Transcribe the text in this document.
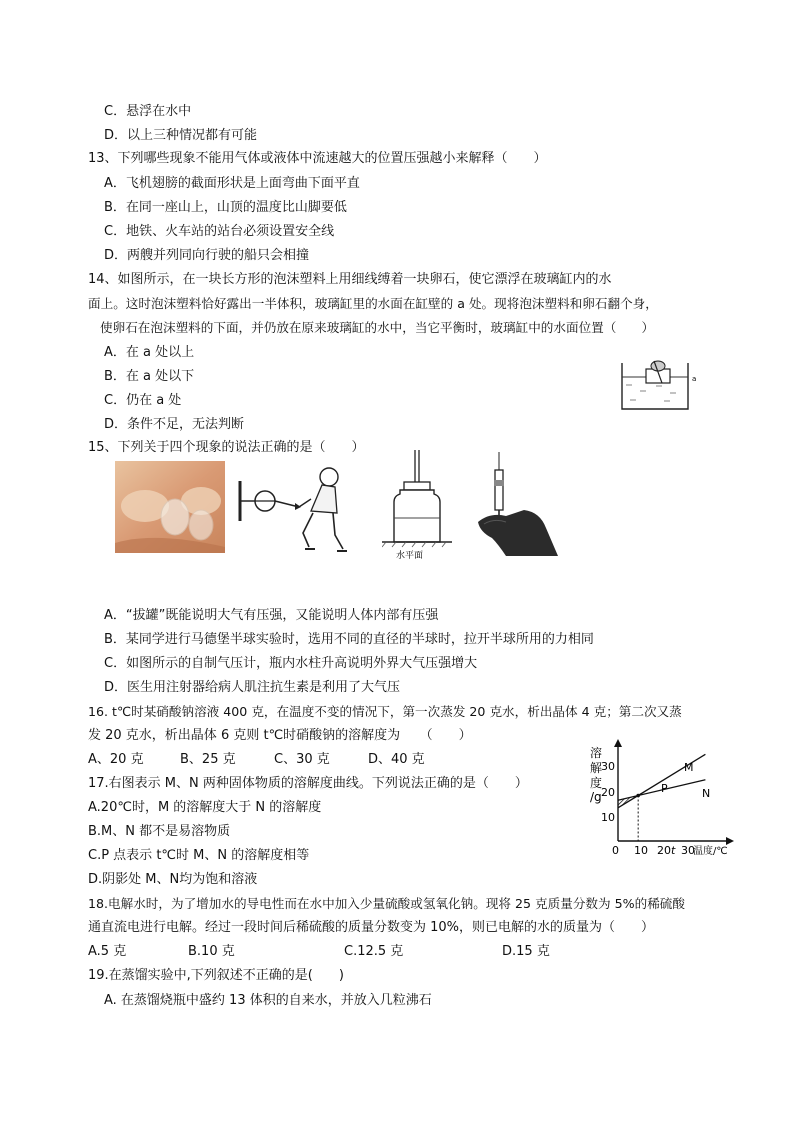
C．悬浮在水中
D．以上三种情况都有可能
13、下列哪些现象不能用气体或液体中流速越大的位置压强越小来解释（　　）
A．飞机翅膀的截面形状是上面弯曲下面平直
B．在同一座山上，山顶的温度比山脚要低
C．地铁、火车站的站台必须设置安全线
D．两艘并列同向行驶的船只会相撞
14、如图所示，在一块长方形的泡沫塑料上用细线缚着一块卵石，使它漂浮在玻璃缸内的水
面上。这时泡沫塑料恰好露出一半体积，玻璃缸里的水面在缸壁的 a 处。现将泡沫塑料和卵石翻个身，
使卵石在泡沫塑料的下面，并仍放在原来玻璃缸的水中，当它平衡时，玻璃缸中的水面位置（　　）
A．在 a 处以上
B．在 a 处以下
C．仍在 a 处
D．条件不足，无法判断
a
15、下列关于四个现象的说法正确的是（　　）
水平面
A．“拔罐”既能说明大气有压强，又能说明人体内部有压强
B．某同学进行马德堡半球实验时，选用不同的直径的半球时，拉开半球所用的力相同
C．如图所示的自制气压计，瓶内水柱升高说明外界大气压强增大
D．医生用注射器给病人肌注抗生素是利用了大气压
16. t℃时某硝酸钠溶液 400 克，在温度不变的情况下，第一次蒸发 20 克水，析出晶体 4 克；第二次又蒸
发 20 克水，析出晶体 6 克则 t℃时硝酸钠的溶解度为　　（　　）
A、20 克	B、25 克	C、30 克	D、40 克
17.右图表示 M、N 两种固体物质的溶解度曲线。下列说法正确的是（　　）
A.20℃时，M 的溶解度大于 N 的溶解度
B.M、N 都不是易溶物质
C.P 点表示 t℃时 M、N 的溶解度相等
D.阴影处 M、N均为饱和溶液
溶
解
度
/g
30
20
10
0 10 20 t 30
温度/℃
M
N
P
18.电解水时，为了增加水的导电性而在水中加入少量硫酸或氢氧化钠。现将 25 克质量分数为 5%的稀硫酸
通直流电进行电解。经过一段时间后稀硫酸的质量分数变为 10%，则已电解的水的质量为（　　）
A.5 克	B.10 克	C.12.5 克	D.15 克
19.在蒸馏实验中,下列叙述不正确的是(　　)
A. 在蒸馏烧瓶中盛约 13 体积的自来水，并放入几粒沸石
